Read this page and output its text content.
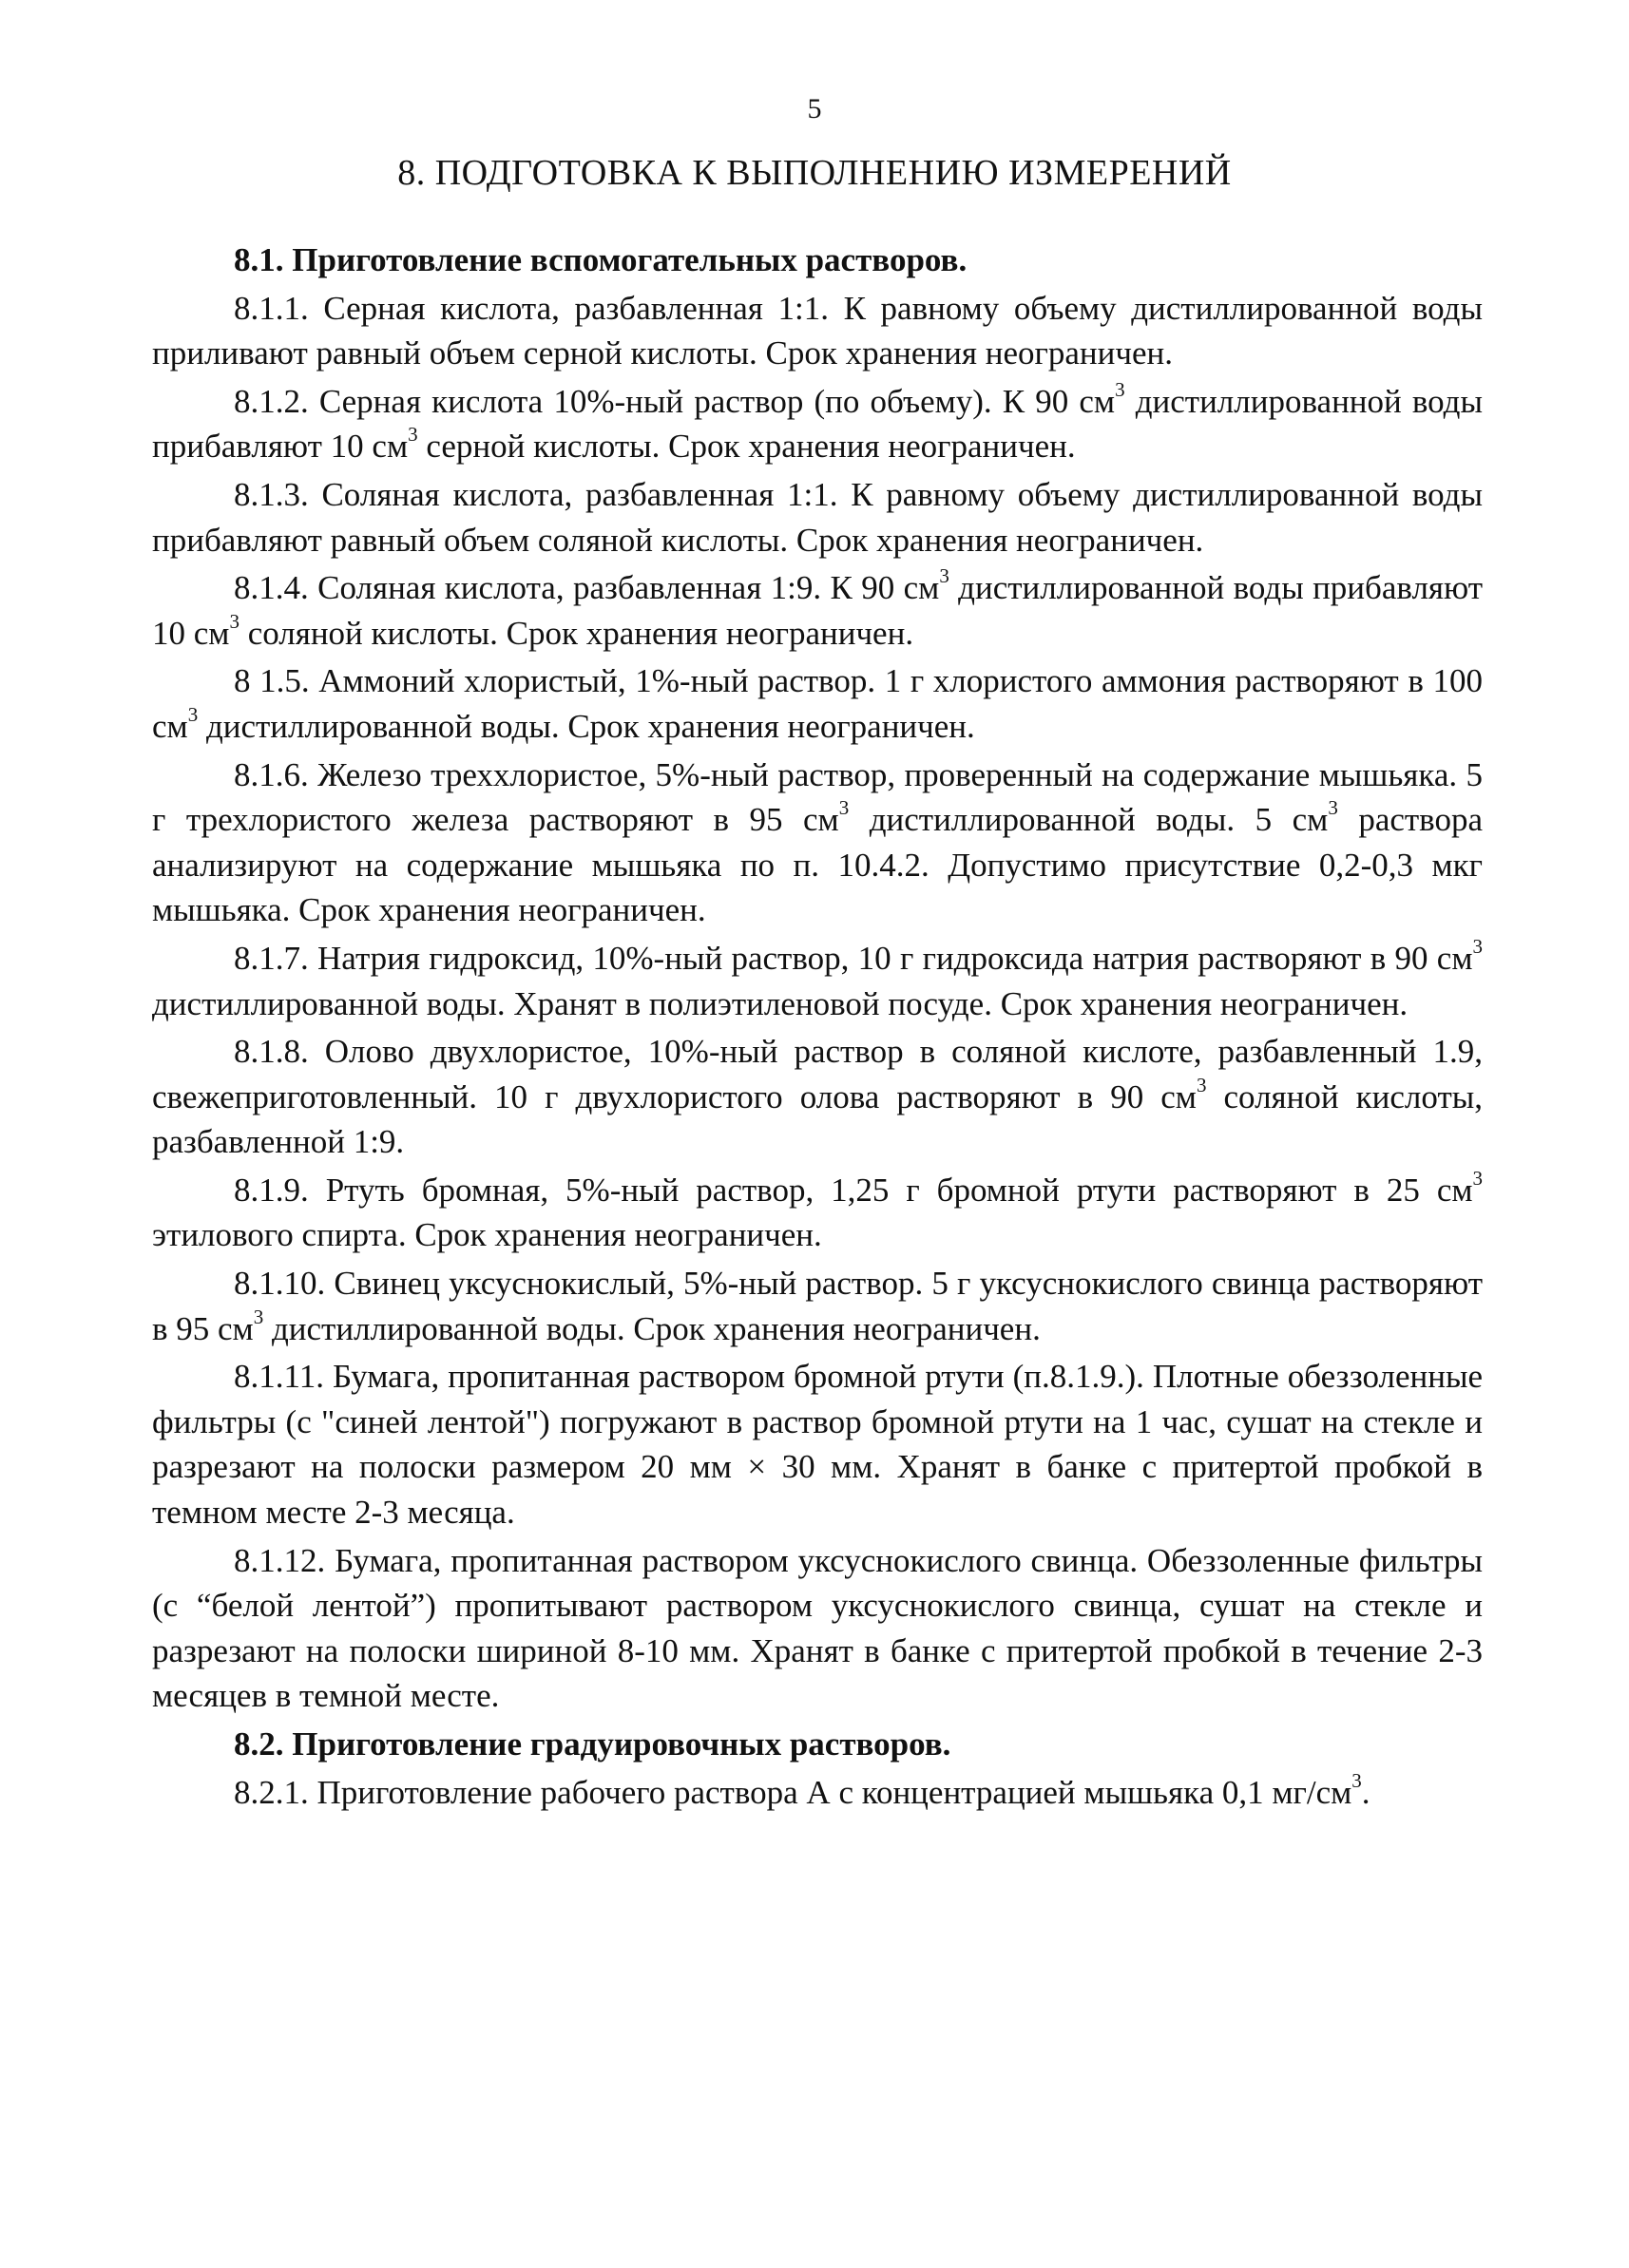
5
8. ПОДГОТОВКА К ВЫПОЛНЕНИЮ ИЗМЕРЕНИЙ

8.1. Приготовление вспомогательных растворов.

8.1.1. Серная кислота, разбавленная 1:1. К равному объему дистиллированной воды приливают равный объем серной кислоты. Срок хранения неограничен.

8.1.2. Серная кислота 10%-ный раствор (по объему). К 90 $см^3$ дистиллированной воды прибавляют 10 $см^3$ серной кислоты. Срок хранения неограничен.

8.1.3. Соляная кислота, разбавленная 1:1. К равному объему дистиллированной воды прибавляют равный объем соляной кислоты. Срок хранения неограничен.

8.1.4. Соляная кислота, разбавленная 1:9. К 90 $см^3$ дистиллированной воды прибавляют 10 $см^3$ соляной кислоты. Срок хранения неограничен.

8 1.5. Аммоний хлористый, 1%-ный раствор. 1 г хлористого аммония растворяют в 100 $см^3$ дистиллированной воды. Срок хранения неограничен.

8.1.6. Железо треххлористое, 5%-ный раствор, проверенный на содержание мышьяка. 5 г трехлористого железа растворяют в 95 $см^3$ дистиллированной воды. 5 $см^3$ раствора анализируют на содержание мышьяка по п. 10.4.2. Допустимо присутствие 0,2-0,3 мкг мышьяка. Срок хранения неограничен.

8.1.7. Натрия гидроксид, 10%-ный раствор, 10 г гидроксида натрия растворяют в 90 $см^3$ дистиллированной воды. Хранят в полиэтиленовой посуде. Срок хранения неограничен.

8.1.8. Олово двухлористое, 10%-ный раствор в соляной кислоте, разбавленный 1.9, свежеприготовленный. 10 г двухлористого олова растворяют в 90 $см^3$ соляной кислоты, разбавленной 1:9.

8.1.9. Ртуть бромная, 5%-ный раствор, 1,25 г бромной ртути растворяют в 25 $см^3$ этилового спирта. Срок хранения неограничен.

8.1.10. Свинец уксуснокислый, 5%-ный раствор. 5 г уксуснокислого свинца растворяют в 95 $см^3$ дистиллированной воды. Срок хранения неограничен.

8.1.11. Бумага, пропитанная раствором бромной ртути (п.8.1.9.). Плотные обеззоленные фильтры (с "синей лентой") погружают в раствор бромной ртути на 1 час, сушат на стекле и разрезают на полоски размером 20 мм × 30 мм. Хранят в банке с притертой пробкой в темном месте 2-3 месяца.

8.1.12. Бумага, пропитанная раствором уксуснокислого свинца. Обеззоленные фильтры (с “белой лентой”) пропитывают раствором уксуснокислого свинца, сушат на стекле и разрезают на полоски шириной 8-10 мм. Хранят в банке с притертой пробкой в течение 2-3 месяцев в темной месте.

8.2. Приготовление градуировочных растворов.

8.2.1. Приготовление рабочего раствора А с концентрацией мышьяка 0,1 $мг/см^3$.
